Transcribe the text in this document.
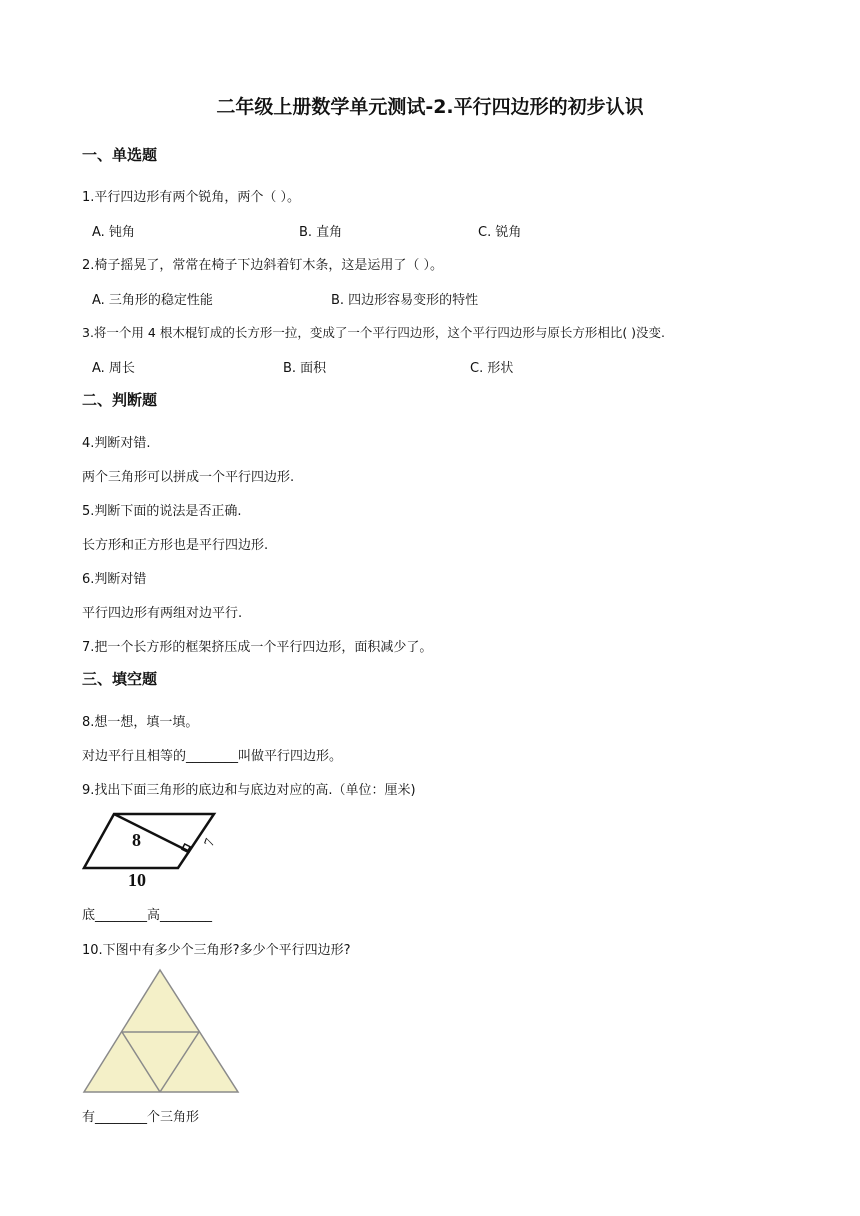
二年级上册数学单元测试-2.平行四边形的初步认识
一、单选题
1.平行四边形有两个锐角，两个（ ）。
A. 钝角	B. 直角	C. 锐角
2.椅子摇晃了，常常在椅子下边斜着钉木条，这是运用了（ ）。
A. 三角形的稳定性能	B. 四边形容易变形的特性
3.将一个用 4 根木棍钉成的长方形一拉，变成了一个平行四边形，这个平行四边形与原长方形相比( )没变.
A. 周长	B. 面积	C. 形状
二、判断题
4.判断对错.
两个三角形可以拼成一个平行四边形.
5.判断下面的说法是否正确.
长方形和正方形也是平行四边形.
6.判断对错
平行四边形有两组对边平行.
7.把一个长方形的框架挤压成一个平行四边形，面积减少了。
三、填空题
8.想一想，填一填。
对边平行且相等的________叫做平行四边形。
9.找出下面三角形的底边和与底边对应的高.（单位：厘米)
8
10
7
底________高________
10.下图中有多少个三角形?多少个平行四边形?
有________个三角形
